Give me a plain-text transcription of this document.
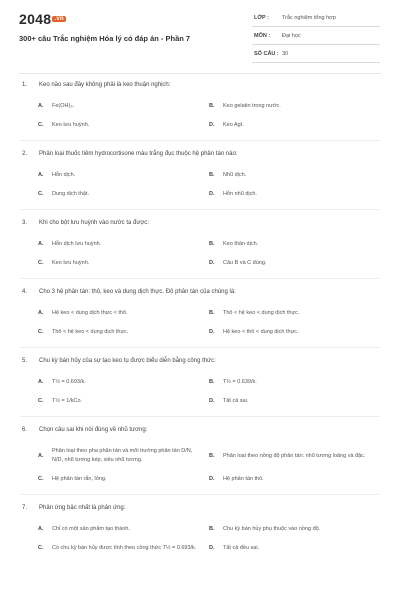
2048 $^{.vn}$
300+ câu Trắc nghiệm Hóa lý có đáp án - Phần 7
LỚP : Trắc nghiệm tổng hợp
MÔN : Đại học
SỐ CÂU : 30
1.	Keo nào sau đây không phải là keo thuận nghịch:
A.	Fe(OH)₃.	B.	Keo gelatin trong nước.
C.	Keo lưu huỳnh.	D.	Keo AgI.
2.	Phân loại thuốc tiêm hydrocortisone màu trắng đục thuộc hệ phân tán nào:
A.	Hỗn dịch.	B.	Nhũ dịch.
C.	Dung dịch thật.	D.	Hỗn nhũ dịch.
3.	Khi cho bột lưu huỳnh vào nước ta được:
A.	Hỗn dịch lưu huỳnh.	B.	Keo thân dịch.
C.	Keo lưu huỳnh.	D.	Câu B và C đúng.
4.	Cho 3 hệ phân tán: thô, keo và dung dịch thực. Độ phân tán của chúng là:
A.	Hệ keo < dung dịch thực < thô.	B.	Thô < hệ keo < dung dịch thực.
C.	Thô < hệ keo < dung dịch thực.	D.	Hệ keo < thô < dung dịch thực.
5.	Chu kỳ bán hủy của sự tạo keo tụ được biểu diễn bằng công thức:
A.	T½ = 0.693/k.	B.	T½ = 0.639/k.
C.	T½ = 1/kCo.	D.	Tất cả sai.
6.	Chọn câu sai khi nói đúng về nhũ tương:
A.
Phân loại theo pha phân tán và môi trường phân tán D/N, N/D, nhũ tương kép, siêu nhũ tương.
B.	Phân loại theo nồng độ phân tán: nhũ tương loãng và đặc.
C.	Hệ phân tán rắn, lỏng.	D.	Hệ phân tán thô.
7.	Phản ứng bậc nhất là phản ứng:
A.	Chỉ có một sản phẩm tạo thành.	B.	Chu kỳ bán hủy phụ thuộc vào nồng độ.
C.	Có chu kỳ bán hủy được tính theo công thức T½ = 0.693/k.	D.	Tất cả đều sai.
